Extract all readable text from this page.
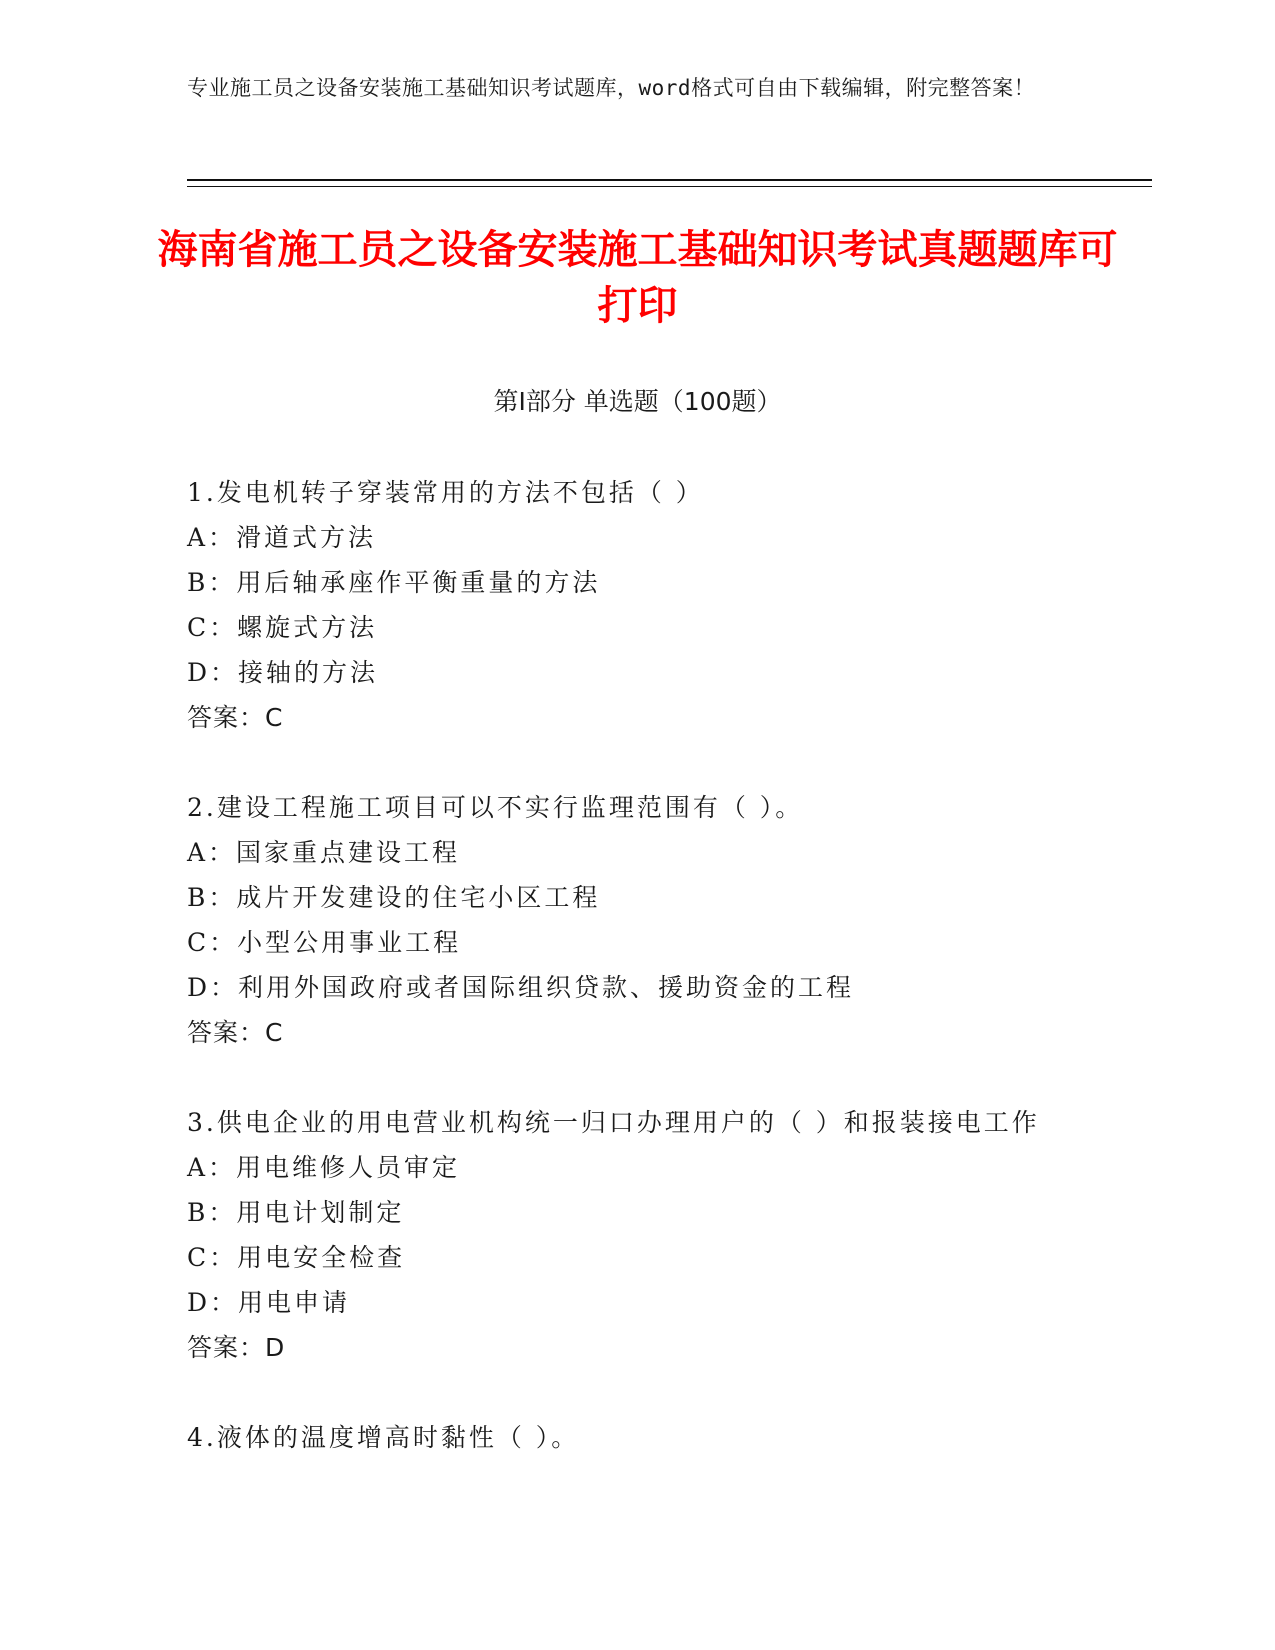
专业施工员之设备安装施工基础知识考试题库，word格式可自由下载编辑，附完整答案！
海南省施工员之设备安装施工基础知识考试真题题库可打印
第Ⅰ部分 单选题（100题）
1.发电机转子穿装常用的方法不包括（ ）
A：滑道式方法
B：用后轴承座作平衡重量的方法
C：螺旋式方法
D：接轴的方法
答案：C
2.建设工程施工项目可以不实行监理范围有（ ）。
A：国家重点建设工程
B：成片开发建设的住宅小区工程
C：小型公用事业工程
D：利用外国政府或者国际组织贷款、援助资金的工程
答案：C
3.供电企业的用电营业机构统一归口办理用户的（ ）和报装接电工作
A：用电维修人员审定
B：用电计划制定
C：用电安全检查
D：用电申请
答案：D
4.液体的温度增高时黏性（ ）。
